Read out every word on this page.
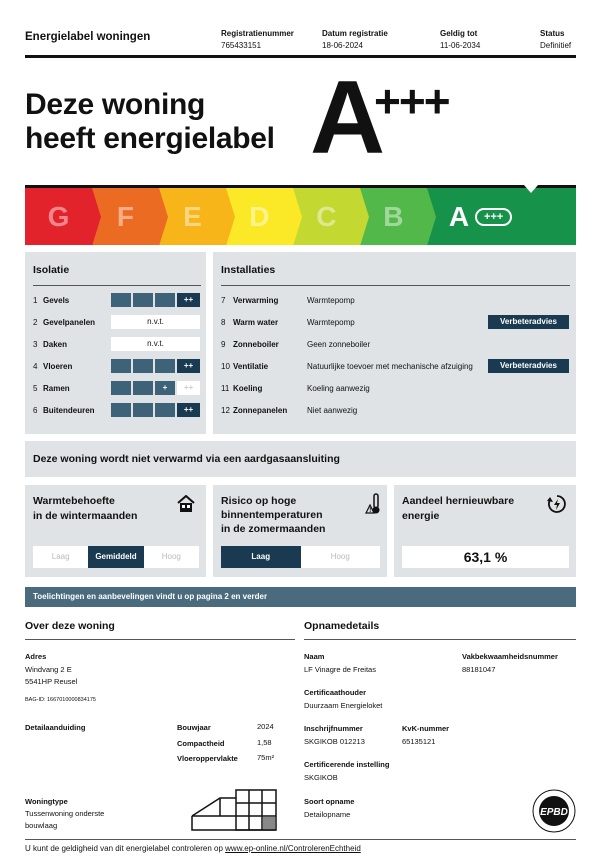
Energielabel woningen	Registratienummer
765433151
Datum registratie
18-06-2024
Geldig tot
11-06-2034
Status
Definitief
Deze woning
heeft energielabel A
+++
G F E D C B A	+++
Isolatie
1 Gevels	++
2 Gevelpanelen	n.v.t.
3 Daken	n.v.t.
4 Vloeren	++
5 Ramen	+	++
6 Buitendeuren	++
Installaties
7 Verwarming	Warmtepomp
8 Warm water	Warmtepomp	Verbeteradvies
9 Zonneboiler	Geen zonneboiler
10 Ventilatie	Natuurlijke toevoer met mechanische afzuiging	Verbeteradvies
11 Koeling	Koeling aanwezig
12 Zonnepanelen	Niet aanwezig
Deze woning wordt niet verwarmd via een aardgasaansluiting
Warmtebehoefte
in de wintermaanden
Laag	Gemiddeld	Hoog
Risico op hoge
binnentemperaturen
in de zomermaanden
!
Laag	Hoog
Aandeel hernieuwbare
energie
63,1 %
Toelichtingen en aanbevelingen vindt u op pagina 2 en verder
Over deze woning
Adres
Windvang 2 E
5541HP Reusel
BAG-ID: 1667010000834175
Detailaanduiding	Bouwjaar	2024
Compactheid	1,58
Vloeroppervlakte	75m²
Woningtype
Tussenwoning onderste
bouwlaag
Opnamedetails
Naam
LF Vinagre de Freitas
Vakbekwaamheidsnummer
88181047
Certificaathouder
Duurzaam Energieloket
Inschrijfnummer
SKGIKOB 012213
KvK-nummer
65135121
Certificerende instelling
SKGIKOB
Soort opname
Detailopname	EPBD
U kunt de geldigheid van dit energielabel controleren op www.ep-online.nl/ControlerenEchtheid
